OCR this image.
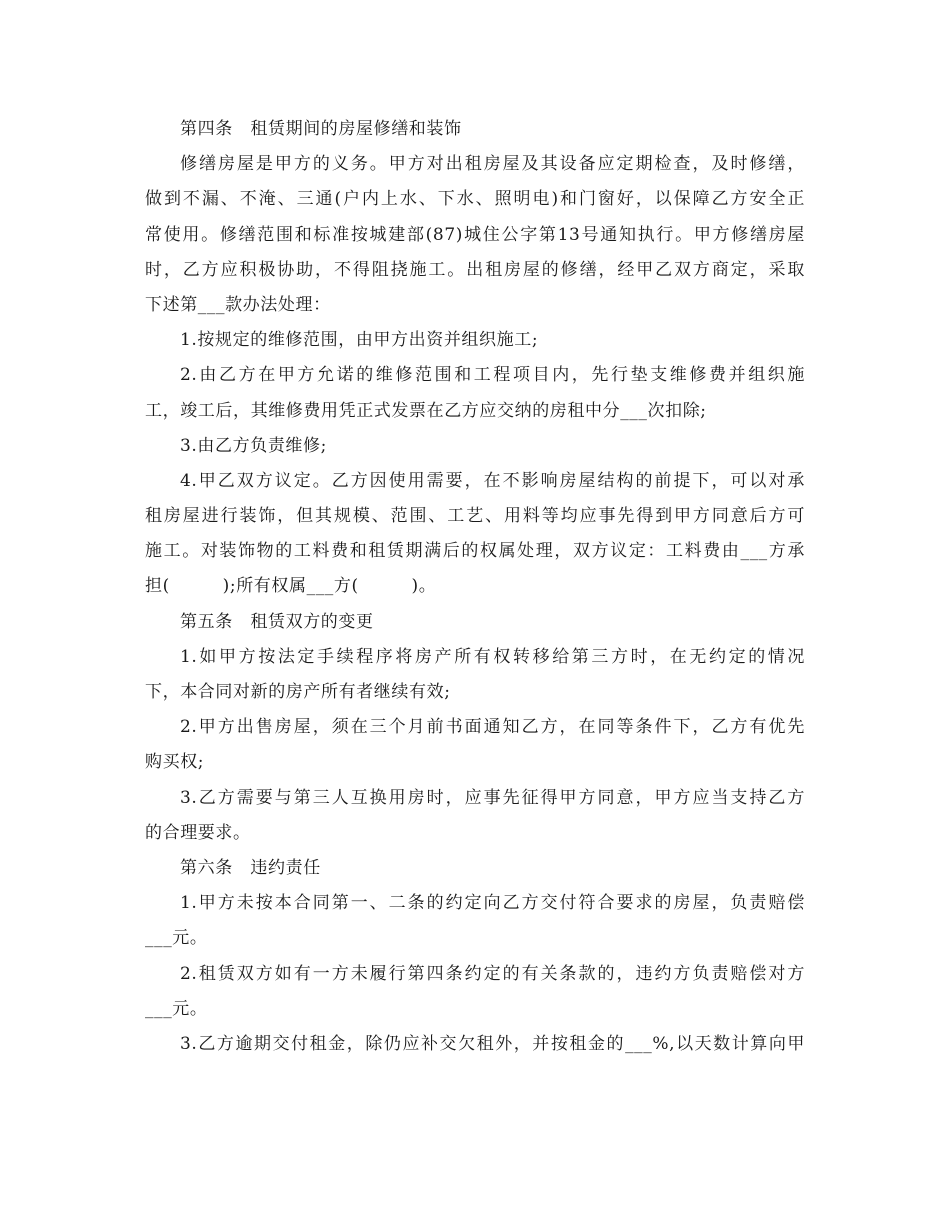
第四条　租赁期间的房屋修缮和装饰
修缮房屋是甲方的义务。甲方对出租房屋及其设备应定期检查，及时修缮，
做到不漏、不淹、三通(户内上水、下水、照明电)和门窗好，以保障乙方安全正
常使用。修缮范围和标准按城建部(87)城住公字第13号通知执行。甲方修缮房屋
时，乙方应积极协助，不得阻挠施工。出租房屋的修缮，经甲乙双方商定，采取
下述第___款办法处理：
1.按规定的维修范围，由甲方出资并组织施工;
2.由乙方在甲方允诺的维修范围和工程项目内，先行垫支维修费并组织施
工，竣工后，其维修费用凭正式发票在乙方应交纳的房租中分___次扣除;
3.由乙方负责维修;
4.甲乙双方议定。乙方因使用需要，在不影响房屋结构的前提下，可以对承
租房屋进行装饰，但其规模、范围、工艺、用料等均应事先得到甲方同意后方可
施工。对装饰物的工料费和租赁期满后的权属处理，双方议定：工料费由___方承
担(　　　);所有权属___方(　　　)。
第五条　租赁双方的变更
1.如甲方按法定手续程序将房产所有权转移给第三方时，在无约定的情况
下，本合同对新的房产所有者继续有效;
2.甲方出售房屋，须在三个月前书面通知乙方，在同等条件下，乙方有优先
购买权;
3.乙方需要与第三人互换用房时，应事先征得甲方同意，甲方应当支持乙方
的合理要求。
第六条　违约责任
1.甲方未按本合同第一、二条的约定向乙方交付符合要求的房屋，负责赔偿
___元。
2.租赁双方如有一方未履行第四条约定的有关条款的，违约方负责赔偿对方
___元。
3.乙方逾期交付租金，除仍应补交欠租外，并按租金的___%,以天数计算向甲
